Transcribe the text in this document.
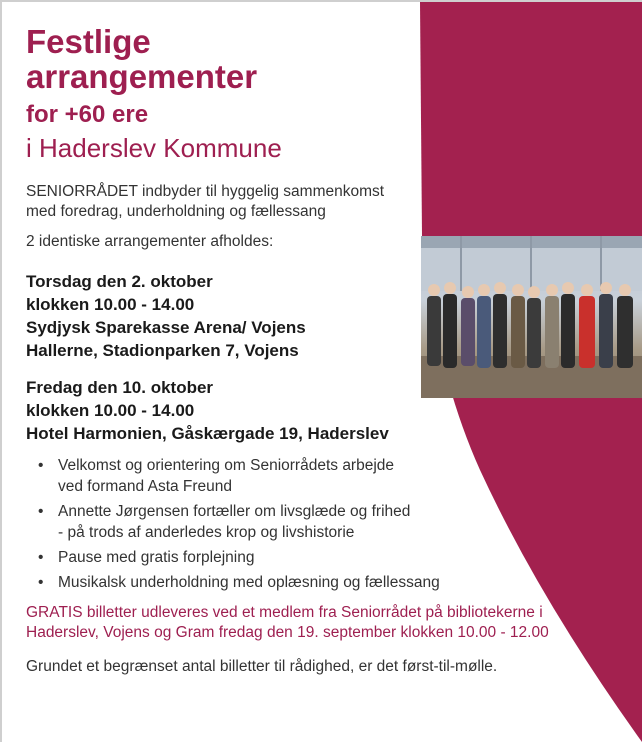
Festlige
arrangementer
for +60 ere
i Haderslev Kommune
SENIORRÅDET indbyder til hyggelig sammenkomst med foredrag, underholdning og fællessang
2 identiske arrangementer afholdes:
Torsdag den 2. oktober
klokken 10.00 - 14.00
Sydjysk Sparekasse Arena/ Vojens
Hallerne, Stadionparken 7, Vojens
Fredag den 10. oktober
klokken 10.00 - 14.00
Hotel Harmonien, Gåskærgade 19, Haderslev
• Velkomst og orientering om Seniorrådets arbejde
ved formand Asta Freund
• Annette Jørgensen fortæller om livsglæde og frihed
- på trods af anderledes krop og livshistorie
• Pause med gratis forplejning
• Musikalsk underholdning med oplæsning og fællessang
GRATIS billetter udleveres ved et medlem fra Seniorrådet på bibliotekerne i Haderslev, Vojens og Gram fredag den 19. september klokken 10.00 - 12.00
Grundet et begrænset antal billetter til rådighed, er det først-til-mølle.
